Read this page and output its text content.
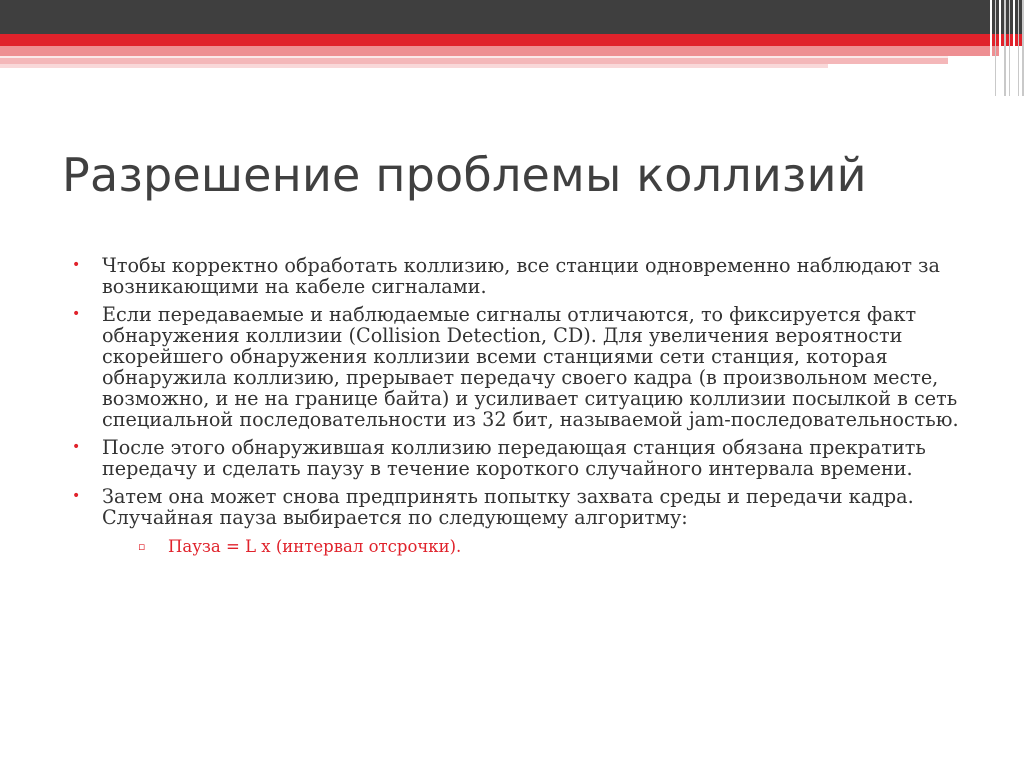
Разрешение проблемы коллизий
• Чтобы корректно обработать коллизию, все станции одновременно наблюдают за возникающими на кабеле сигналами.
• Если передаваемые и наблюдаемые сигналы отличаются, то фиксируется факт обнаружения коллизии (Collision Detection, CD). Для увеличения вероятности скорейшего обнаружения коллизии всеми станциями сети станция, которая обнаружила коллизию, прерывает передачу своего кадра (в произвольном месте, возможно, и не на границе байта) и усиливает ситуацию коллизии посылкой в сеть специальной последовательности из 32 бит, называемой jam-последовательностью.
• После этого обнаружившая коллизию передающая станция обязана прекратить передачу и сделать паузу в течение короткого случайного интервала времени.
• Затем она может снова предпринять попытку захвата среды и передачи кадра. Случайная пауза выбирается по следующему алгоритму:
▫ Пауза = L x (интервал отсрочки).
